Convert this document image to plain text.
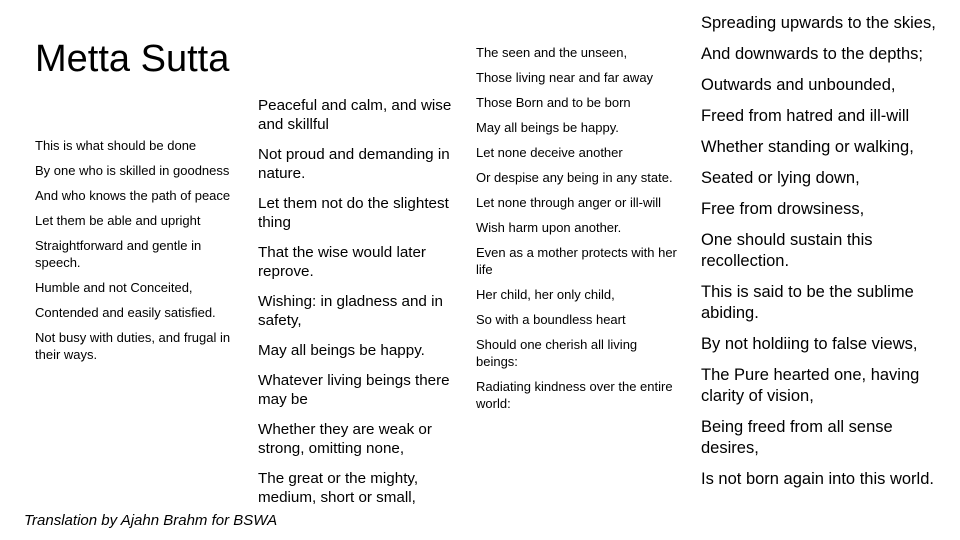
Metta Sutta
This is what should be done
By one who is skilled in goodness
And who knows the path of peace
Let them be able and upright
Straightforward and gentle in speech.
Humble and not Conceited,
Contended and easily satisfied.
Not busy with duties, and frugal in their ways.
Peaceful and calm, and wise and skillful
Not proud and demanding in nature.
Let them not do the slightest thing
That the wise would later reprove.
Wishing: in gladness and in safety,
May all beings be happy.
Whatever living beings there may be
Whether they are weak or strong, omitting none,
The great or the mighty, medium, short or small,
The seen and the unseen,
Those living near and far away
Those Born and to be born
May all beings be happy.
Let none deceive another
Or despise any being in any state.
Let none through anger or ill-will
Wish harm upon another.
Even as a mother protects with her life
Her child, her only child,
So with a boundless heart
Should one cherish all living beings:
Radiating kindness over the entire world:
Spreading upwards to the skies,
And downwards to the depths;
Outwards and unbounded,
Freed from hatred and ill-will
Whether standing or walking,
Seated or lying down,
Free from drowsiness,
One should sustain this recollection.
This is said to be the sublime abiding.
By not holdiing to false views,
The Pure hearted one, having clarity of vision,
Being freed from all sense desires,
Is not born again into this world.
Translation by Ajahn Brahm for BSWA
